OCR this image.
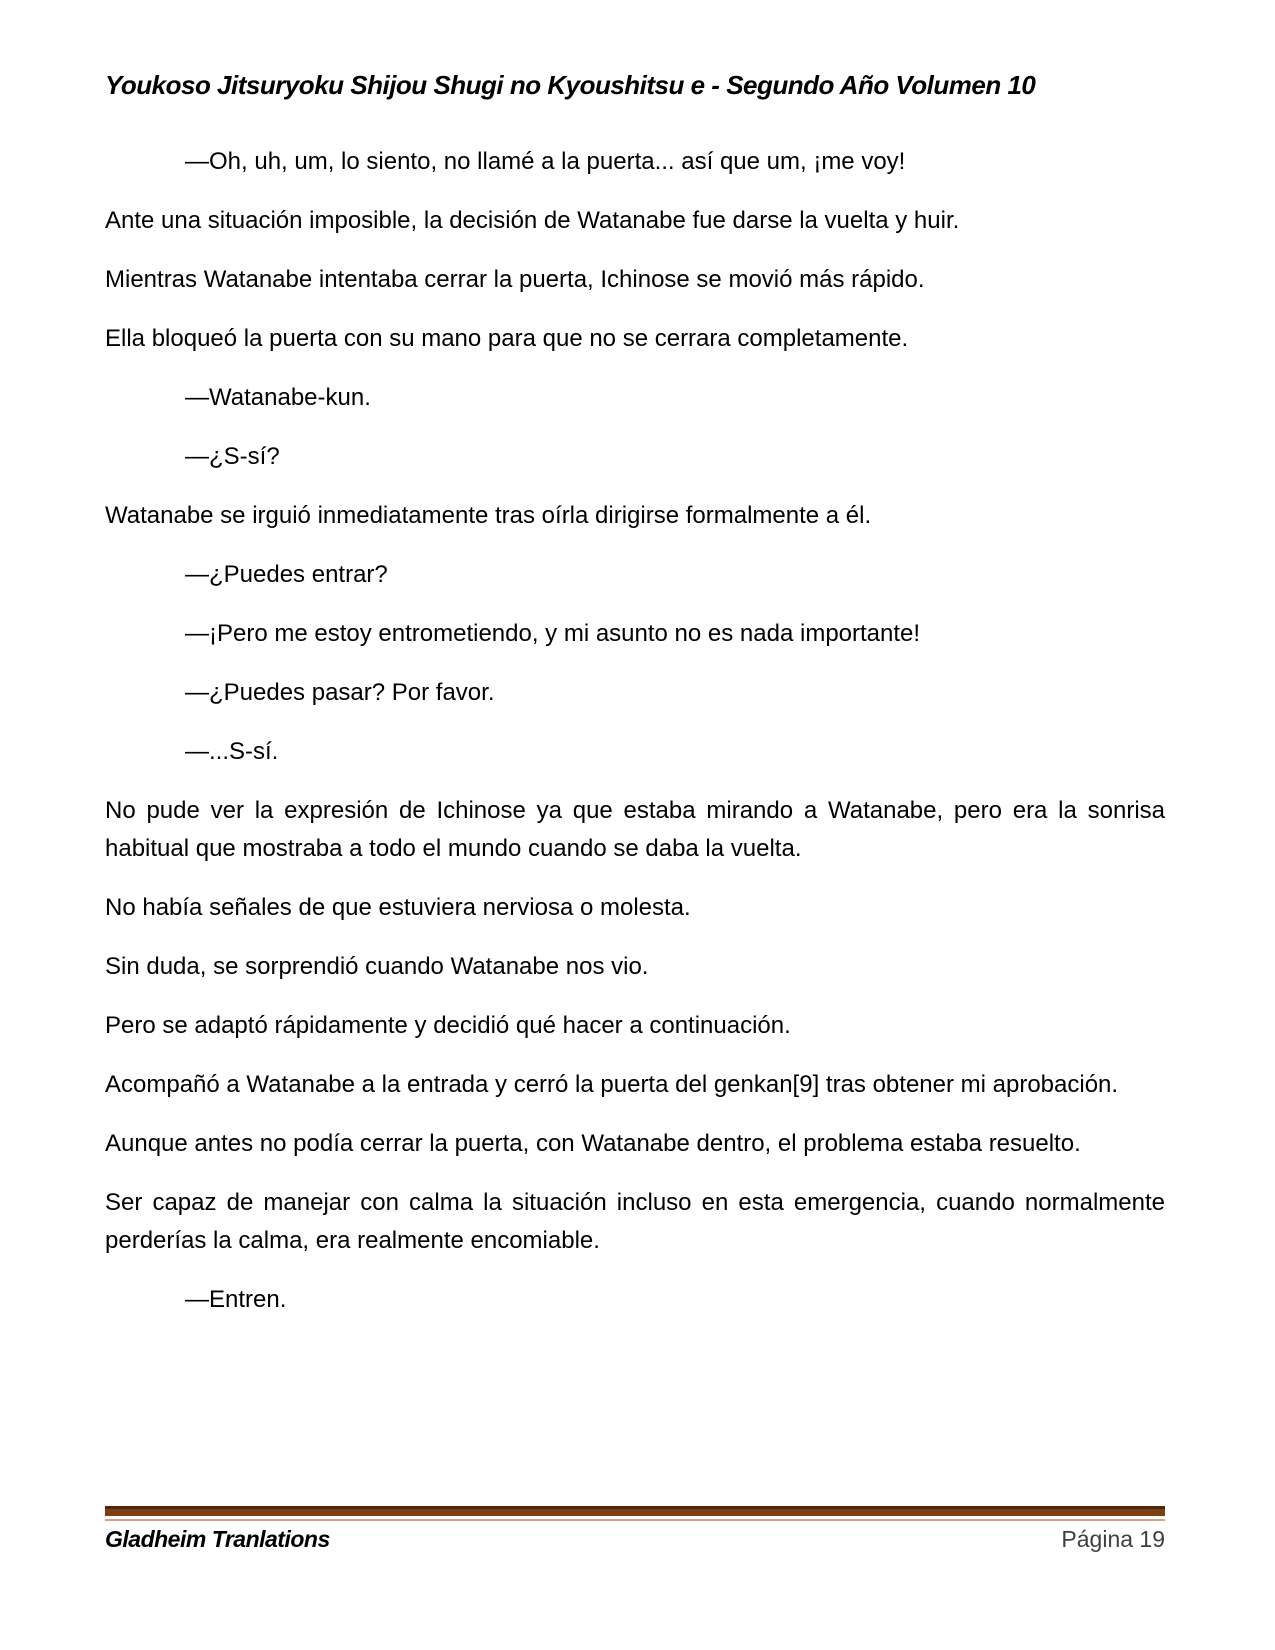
Youkoso Jitsuryoku Shijou Shugi no Kyoushitsu e - Segundo Año Volumen 10

—Oh, uh, um, lo siento, no llamé a la puerta... así que um, ¡me voy!

Ante una situación imposible, la decisión de Watanabe fue darse la vuelta y huir.

Mientras Watanabe intentaba cerrar la puerta, Ichinose se movió más rápido.

Ella bloqueó la puerta con su mano para que no se cerrara completamente.

—Watanabe-kun.

—¿S-sí?

Watanabe se irguió inmediatamente tras oírla dirigirse formalmente a él.

—¿Puedes entrar?

—¡Pero me estoy entrometiendo, y mi asunto no es nada importante!

—¿Puedes pasar? Por favor.

—...S-sí.

No pude ver la expresión de Ichinose ya que estaba mirando a Watanabe, pero era la sonrisa habitual que mostraba a todo el mundo cuando se daba la vuelta.

No había señales de que estuviera nerviosa o molesta.

Sin duda, se sorprendió cuando Watanabe nos vio.

Pero se adaptó rápidamente y decidió qué hacer a continuación.

Acompañó a Watanabe a la entrada y cerró la puerta del genkan[9] tras obtener mi aprobación.

Aunque antes no podía cerrar la puerta, con Watanabe dentro, el problema estaba resuelto.

Ser capaz de manejar con calma la situación incluso en esta emergencia, cuando normalmente perderías la calma, era realmente encomiable.

—Entren.

Gladheim Tranlations	Página 19
